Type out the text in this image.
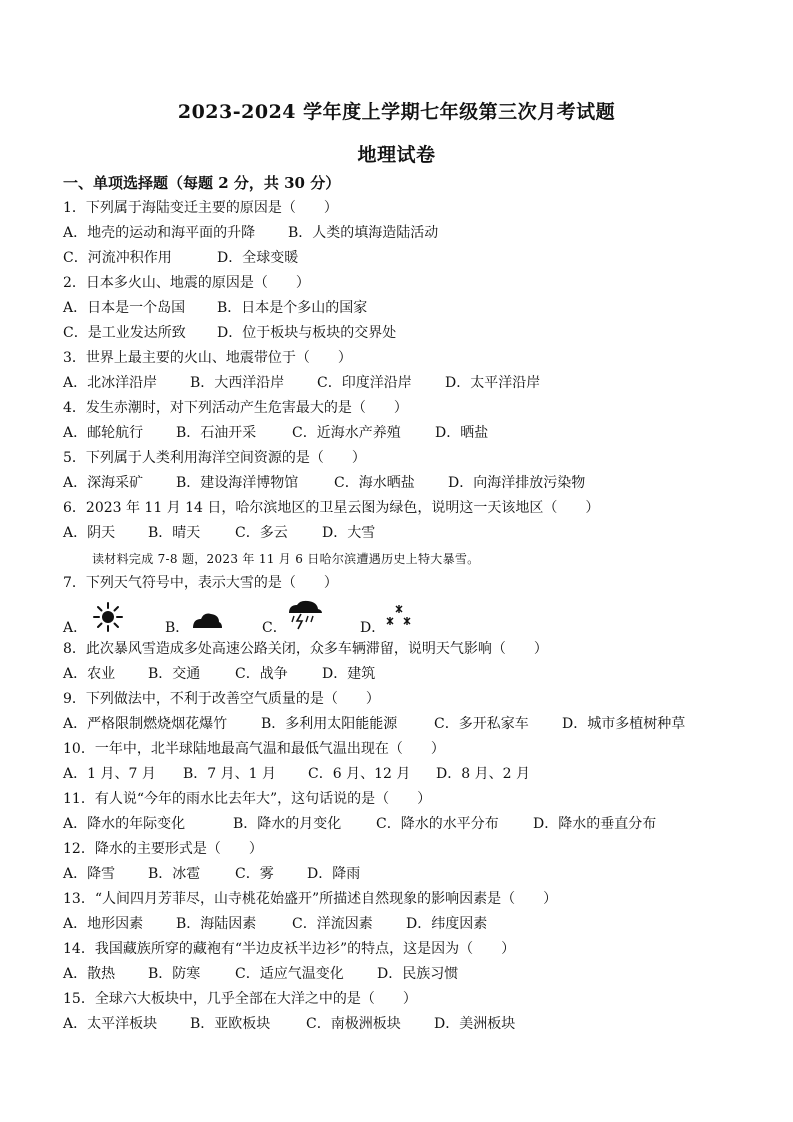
2023-2024 学年度上学期七年级第三次月考试题
地理试卷
一、单项选择题（每题 2 分，共 30 分）
1．下列属于海陆变迁主要的原因是（　　）
A．地壳的运动和海平面的升降 B．人类的填海造陆活动
C．河流冲积作用	D．全球变暖
2．日本多火山、地震的原因是（　　）
A．日本是一个岛国 B．日本是个多山的国家
C．是工业发达所致 D．位于板块与板块的交界处
3．世界上最主要的火山、地震带位于（　　）
A．北冰洋沿岸 B．大西洋沿岸 C．印度洋沿岸 D．太平洋沿岸
4．发生赤潮时，对下列活动产生危害最大的是（　　）
A．邮轮航行 B．石油开采	C．近海水产养殖 D．晒盐
5．下列属于人类利用海洋空间资源的是（　　）
A．深海采矿 B．建设海洋博物馆	C．海水晒盐 D．向海洋排放污染物
6．2023 年 11 月 14 日，哈尔滨地区的卫星云图为绿色，说明这一天该地区（　　）
A．阴天 B．晴天 C．多云 D．大雪
读材料完成 7-8 题，2023 年 11 月 6 日哈尔滨遭遇历史上特大暴雪。
7．下列天气符号中，表示大雪的是（　　）
A．	B．	C．	D．
8．此次暴风雪造成多处高速公路关闭，众多车辆滞留，说明天气影响（　　）
A．农业 B．交通 C．战争 D．建筑
9．下列做法中，不利于改善空气质量的是（　　）
A．严格限制燃烧烟花爆竹 B．多利用太阳能能源	C．多开私家车 D．城市多植树种草
10．一年中，北半球陆地最高气温和最低气温出现在（　　）
A．1 月、7 月 B．7 月、1 月 C．6 月、12 月 D．8 月、2 月
11．有人说“今年的雨水比去年大”，这句话说的是（　　）
A．降水的年际变化	B．降水的月变化 C．降水的水平分布 D．降水的垂直分布
12．降水的主要形式是（　　）
A．降雪 B．冰雹 C．雾 D．降雨
13．“人间四月芳菲尽，山寺桃花始盛开”所描述自然现象的影响因素是（　　）
A．地形因素 B．海陆因素	C．洋流因素 D．纬度因素
14．我国藏族所穿的藏袍有“半边皮袄半边衫”的特点，这是因为（　　）
A．散热 B．防寒 C．适应气温变化 D．民族习惯
15．全球六大板块中，几乎全部在大洋之中的是（　　）
A．太平洋板块 B．亚欧板块	C．南极洲板块 D．美洲板块
